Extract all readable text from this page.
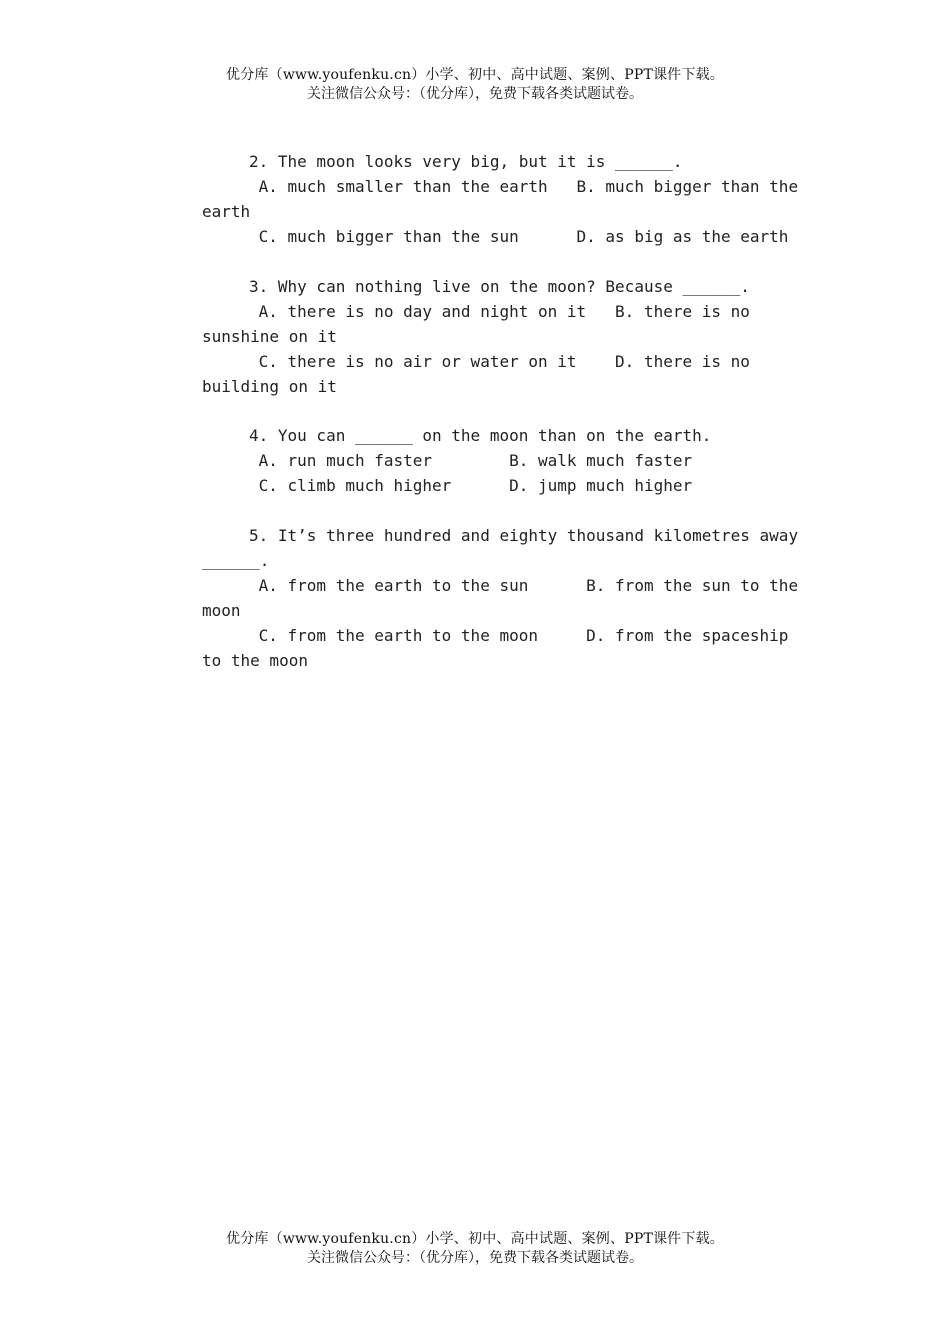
优分库（www.youfenku.cn）小学、初中、高中试题、案例、PPT课件下载。
关注微信公众号：（优分库），免费下载各类试题试卷。
2. The moon looks very big, but it is ______.
A. much smaller than the earth   B. much bigger than the
earth
C. much bigger than the sun      D. as big as the earth
3. Why can nothing live on the moon? Because ______.
A. there is no day and night on it   B. there is no
sunshine on it
C. there is no air or water on it    D. there is no
building on it
4. You can ______ on the moon than on the earth.
A. run much faster        B. walk much faster
C. climb much higher      D. jump much higher
5. It’s three hundred and eighty thousand kilometres away
______.
A. from the earth to the sun      B. from the sun to the
moon
C. from the earth to the moon     D. from the spaceship
to the moon
优分库（www.youfenku.cn）小学、初中、高中试题、案例、PPT课件下载。
关注微信公众号：（优分库），免费下载各类试题试卷。
